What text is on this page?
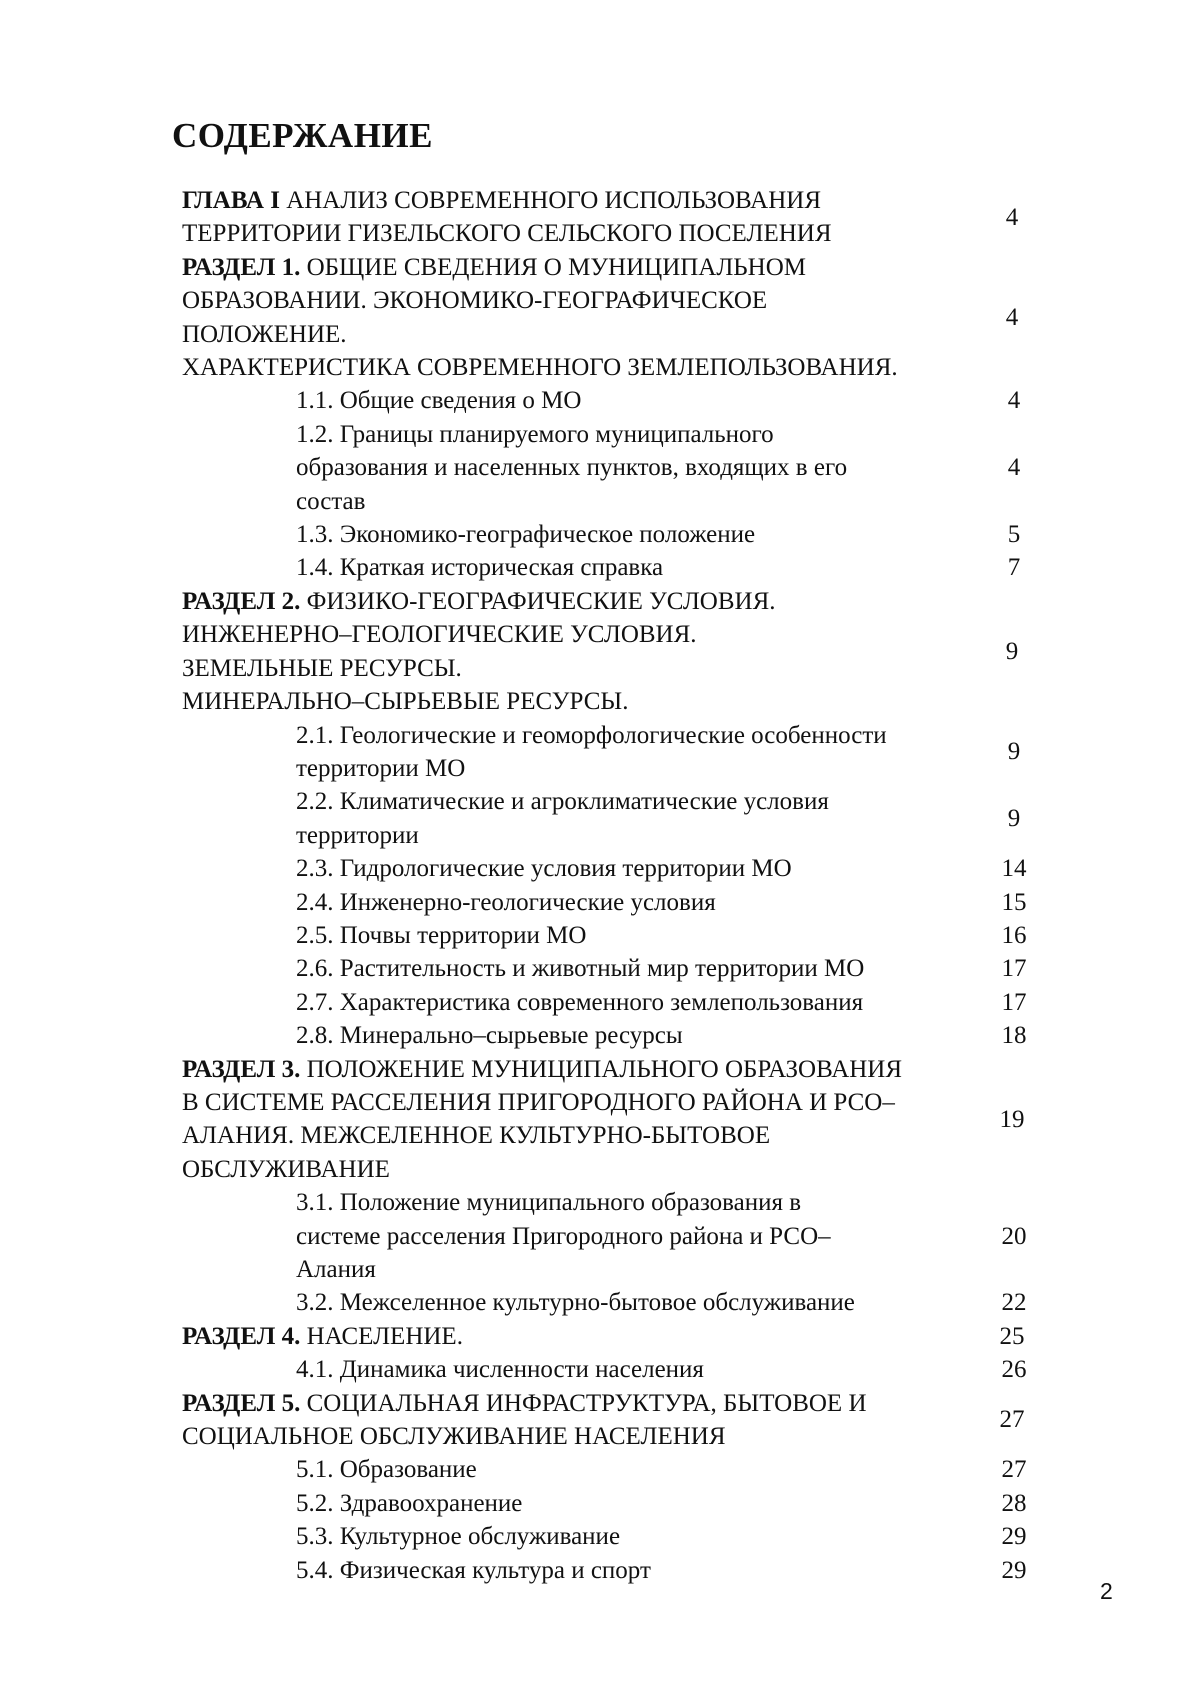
СОДЕРЖАНИЕ
ГЛАВА I АНАЛИЗ СОВРЕМЕННОГО ИСПОЛЬЗОВАНИЯ
ТЕРРИТОРИИ ГИЗЕЛЬСКОГО СЕЛЬСКОГО ПОСЕЛЕНИЯ
4
РАЗДЕЛ 1. ОБЩИЕ СВЕДЕНИЯ О МУНИЦИПАЛЬНОМ
ОБРАЗОВАНИИ. ЭКОНОМИКО-ГЕОГРАФИЧЕСКОЕ
ПОЛОЖЕНИЕ.
ХАРАКТЕРИСТИКА СОВРЕМЕННОГО ЗЕМЛЕПОЛЬЗОВАНИЯ.
4
1.1. Общие сведения о МО	4
1.2. Границы планируемого муниципального
образования и населенных пунктов, входящих в его
состав
4
1.3. Экономико-географическое положение	5
1.4. Краткая историческая справка	7
РАЗДЕЛ 2. ФИЗИКО-ГЕОГРАФИЧЕСКИЕ УСЛОВИЯ.
ИНЖЕНЕРНО–ГЕОЛОГИЧЕСКИЕ УСЛОВИЯ.
ЗЕМЕЛЬНЫЕ РЕСУРСЫ.
МИНЕРАЛЬНО–СЫРЬЕВЫЕ РЕСУРСЫ.
9
2.1. Геологические и геоморфологические особенности
территории МО
9
2.2. Климатические и агроклиматические условия
территории
9
2.3. Гидрологические условия территории МО	14
2.4. Инженерно-геологические условия	15
2.5. Почвы территории МО	16
2.6. Растительность и животный мир территории МО	17
2.7. Характеристика современного землепользования	17
2.8. Минерально–сырьевые ресурсы	18
РАЗДЕЛ 3. ПОЛОЖЕНИЕ МУНИЦИПАЛЬНОГО ОБРАЗОВАНИЯ
В СИСТЕМЕ РАССЕЛЕНИЯ ПРИГОРОДНОГО РАЙОНА И РСО–
АЛАНИЯ. МЕЖСЕЛЕННОЕ КУЛЬТУРНО-БЫТОВОЕ
ОБСЛУЖИВАНИЕ
19
3.1. Положение муниципального образования в
системе расселения Пригородного района и РСО–
Алания
20
3.2. Межселенное культурно-бытовое обслуживание	22
РАЗДЕЛ 4. НАСЕЛЕНИЕ.	25
4.1. Динамика численности населения	26
РАЗДЕЛ 5. СОЦИАЛЬНАЯ ИНФРАСТРУКТУРА, БЫТОВОЕ И
СОЦИАЛЬНОЕ ОБСЛУЖИВАНИЕ НАСЕЛЕНИЯ
27
5.1. Образование	27
5.2. Здравоохранение	28
5.3. Культурное обслуживание	29
5.4. Физическая культура и спорт	29
2
